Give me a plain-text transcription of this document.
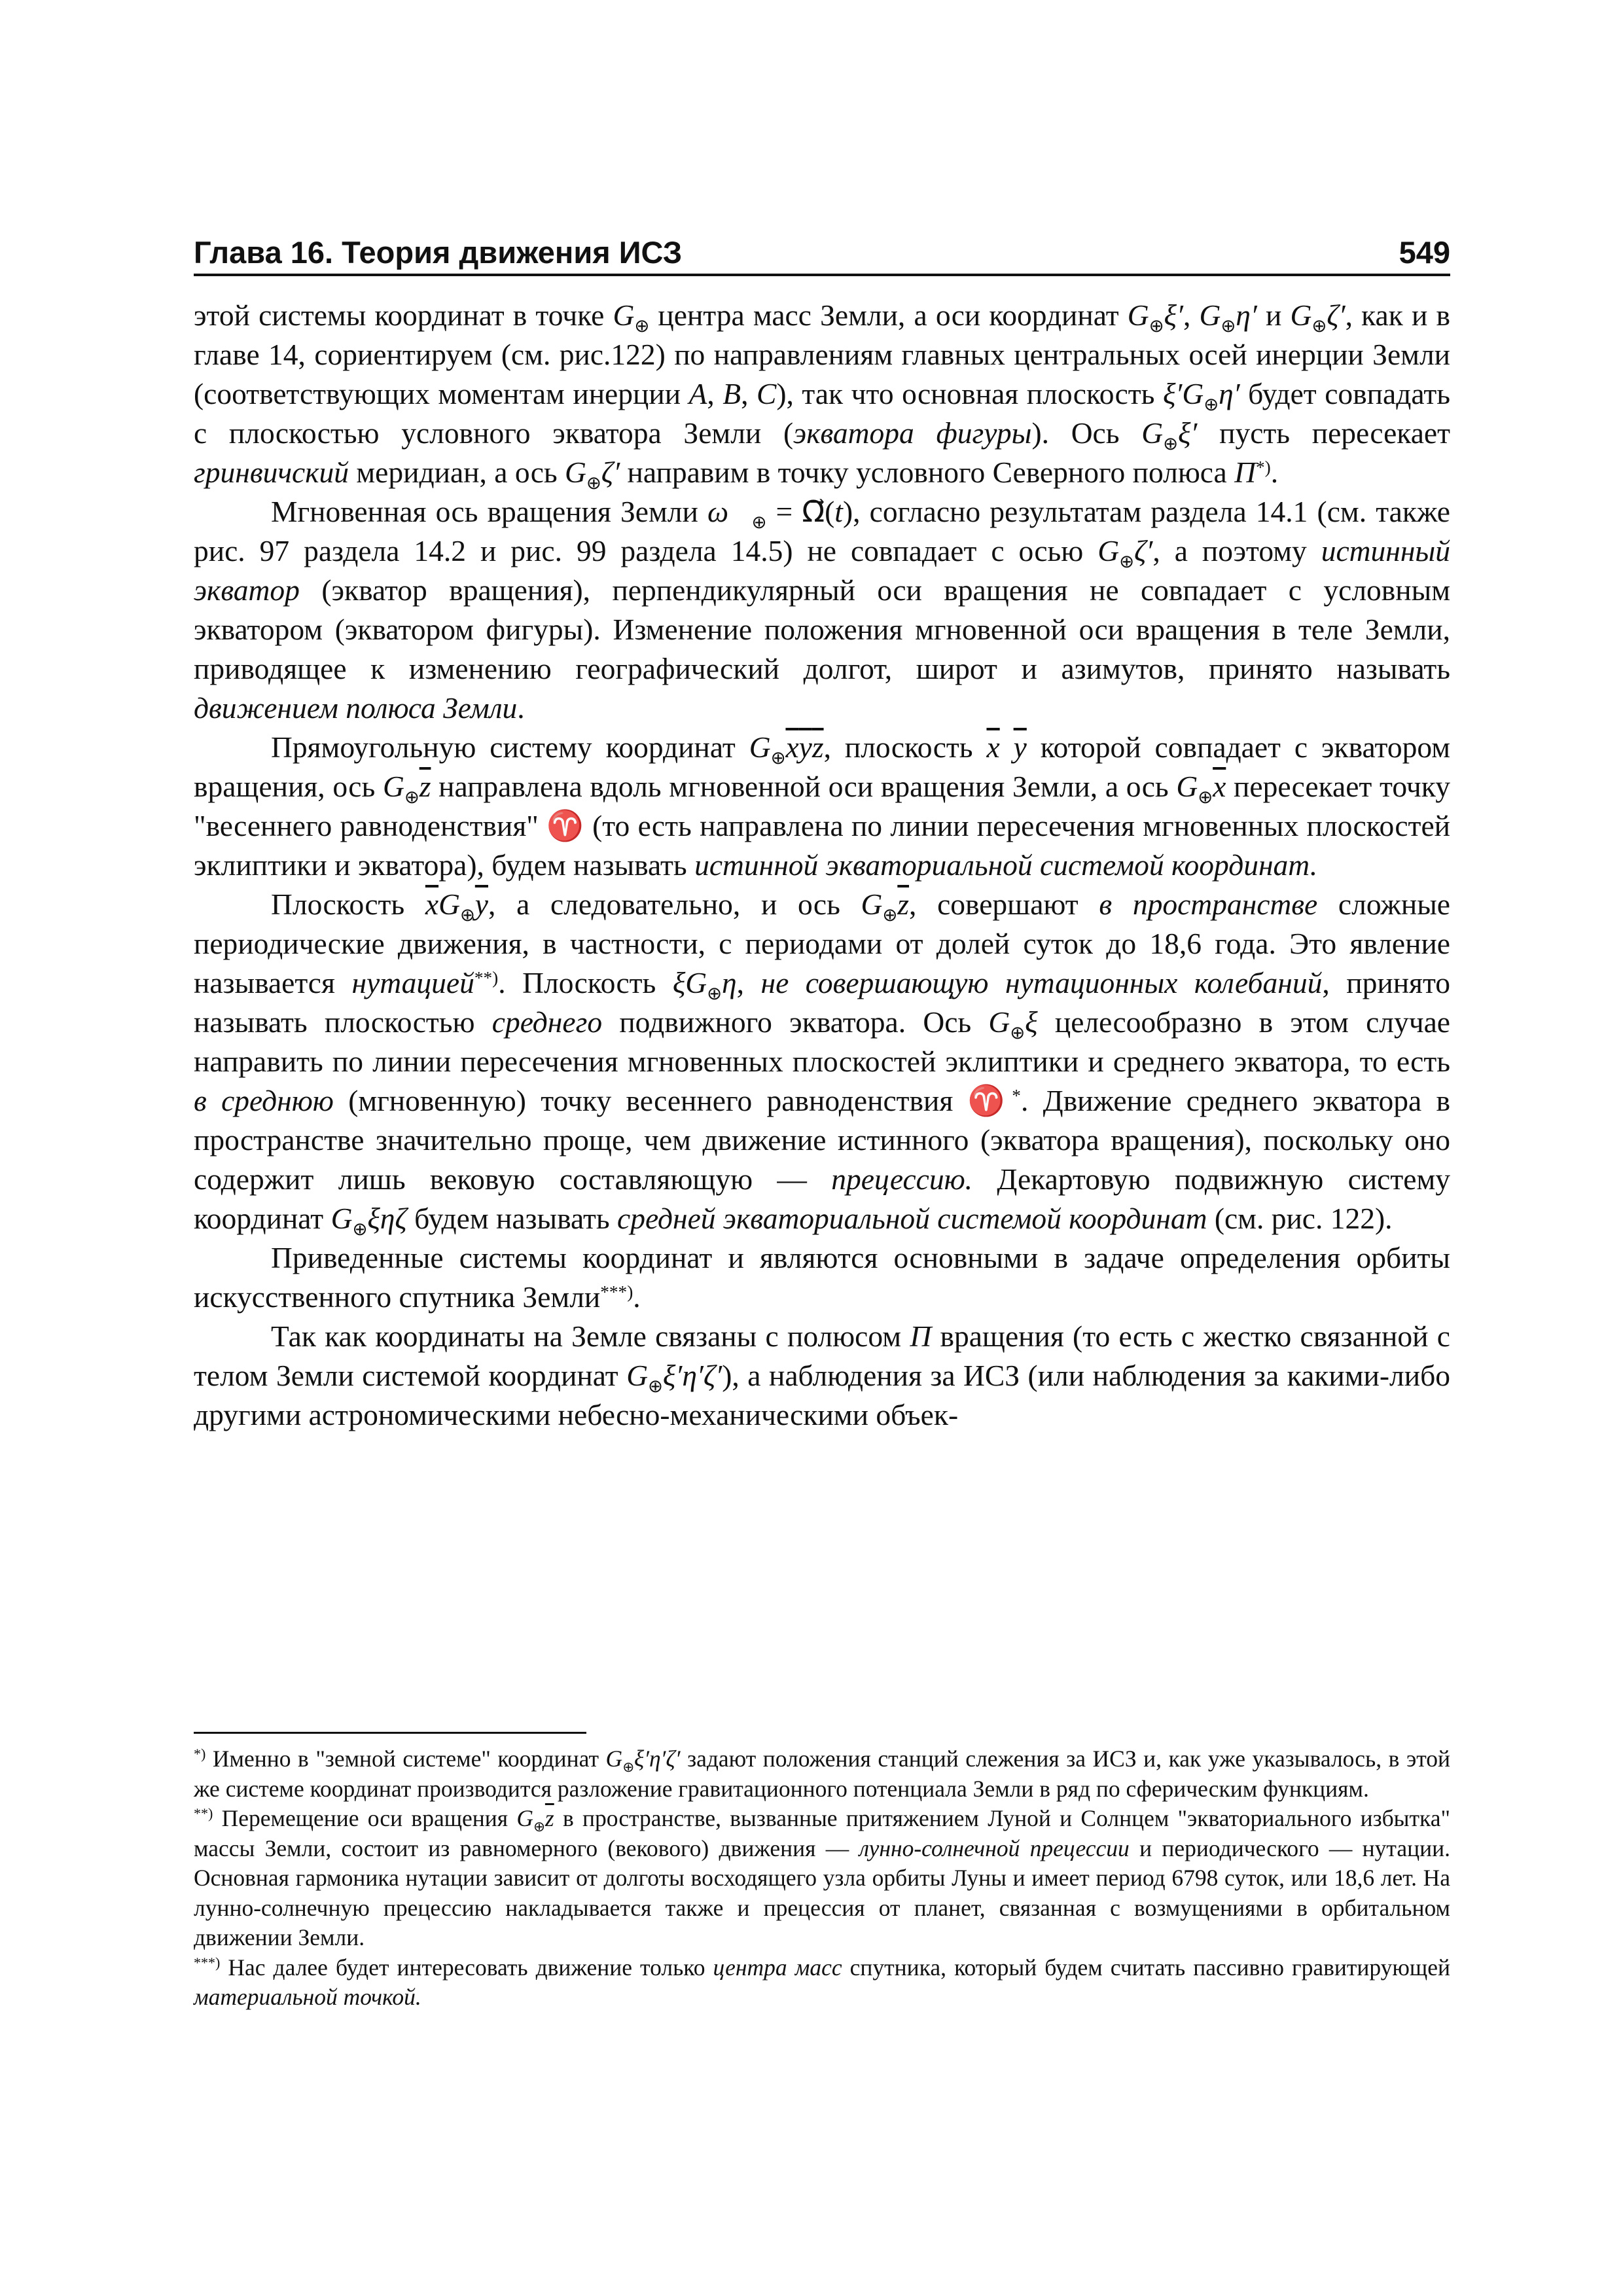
Глава 16. Теория движения ИСЗ	549

этой системы координат в точке $G_\oplus$ центра масс Земли, а оси координат $G_\oplus\xi'$, $G_\oplus\eta'$ и $G_\oplus\zeta'$, как и в главе 14, сориентируем (см. рис.122) по направлениям главных центральных осей инерции Земли (соответствующих моментам инерции A, B, C), так что основная плоскость $\xi'G_\oplus\eta'$ будет совпадать с плоскостью условного экватора Земли (экватора фигуры). Ось $G_\oplus\xi'$ пусть пересекает гринвичский меридиан, а ось $G_\oplus\zeta'$ направим в точку условного Северного полюса П*).

Мгновенная ось вращения Земли $\omega⃗_\oplus$ = Ω⃗(t), согласно результатам раздела 14.1 (см. также рис. 97 раздела 14.2 и рис. 99 раздела 14.5) не совпадает с осью $G_\oplus\zeta'$, а поэтому истинный экватор (экватор вращения), перпендикулярный оси вращения не совпадает с условным экватором (экватором фигуры). Изменение положения мгновенной оси вращения в теле Земли, приводящее к изменению географический долгот, широт и азимутов, принято называть движением полюса Земли.

Прямоугольную систему координат $G_\oplus\overline{x}\overline{y}\overline{z}$, плоскость $\overline{x}$ $\overline{y}$ которой совпадает с экватором вращения, ось $G_\oplus\overline{z}$ направлена вдоль мгновенной оси вращения Земли, а ось $G_\oplus\overline{x}$ пересекает точку "весеннего равноденствия" ♈ (то есть направлена по линии пересечения мгновенных плоскостей эклиптики и экватора), будем называть истинной экваториальной системой координат.

Плоскость $\overline{x}G_\oplus\overline{y}$, а следовательно, и ось $G_\oplus\overline{z}$, совершают в пространстве сложные периодические движения, в частности, с периодами от долей суток до 18,6 года. Это явление называется нутацией**). Плоскость $\xi G_\oplus\eta$, не совершающую нутационных колебаний, принято называть плоскостью среднего подвижного экватора. Ось $G_\oplus\xi$ целесообразно в этом случае направить по линии пересечения мгновенных плоскостей эклиптики и среднего экватора, то есть в среднюю (мгновенную) точку весеннего равноденствия ♈*. Движение среднего экватора в пространстве значительно проще, чем движение истинного (экватора вращения), поскольку оно содержит лишь вековую составляющую — прецессию. Декартовую подвижную систему координат $G_\oplus\xi\eta\zeta$ будем называть средней экваториальной системой координат (см. рис. 122).

Приведенные системы координат и являются основными в задаче определения орбиты искусственного спутника Земли***).

Так как координаты на Земле связаны с полюсом П вращения (то есть с жестко связанной с телом Земли системой координат $G_\oplus\xi'\eta'\zeta'$), а наблюдения за ИСЗ (или наблюдения за какими-либо другими астрономическими небесно-механическими объек-

*) Именно в "земной системе" координат $G_\oplus\xi'\eta'\zeta'$ задают положения станций слежения за ИСЗ и, как уже указывалось, в этой же системе координат производится разложение гравитационного потенциала Земли в ряд по сферическим функциям.

**) Перемещение оси вращения $G_\oplus\overline{z}$ в пространстве, вызванные притяжением Луной и Солнцем "экваториального избытка" массы Земли, состоит из равномерного (векового) движения — лунно-солнечной прецессии и периодического — нутации. Основная гармоника нутации зависит от долготы восходящего узла орбиты Луны и имеет период 6798 суток, или 18,6 лет. На лунно-солнечную прецессию накладывается также и прецессия от планет, связанная с возмущениями в орбитальном движении Земли.

***) Нас далее будет интересовать движение только центра масс спутника, который будем считать пассивно гравитирующей материальной точкой.
